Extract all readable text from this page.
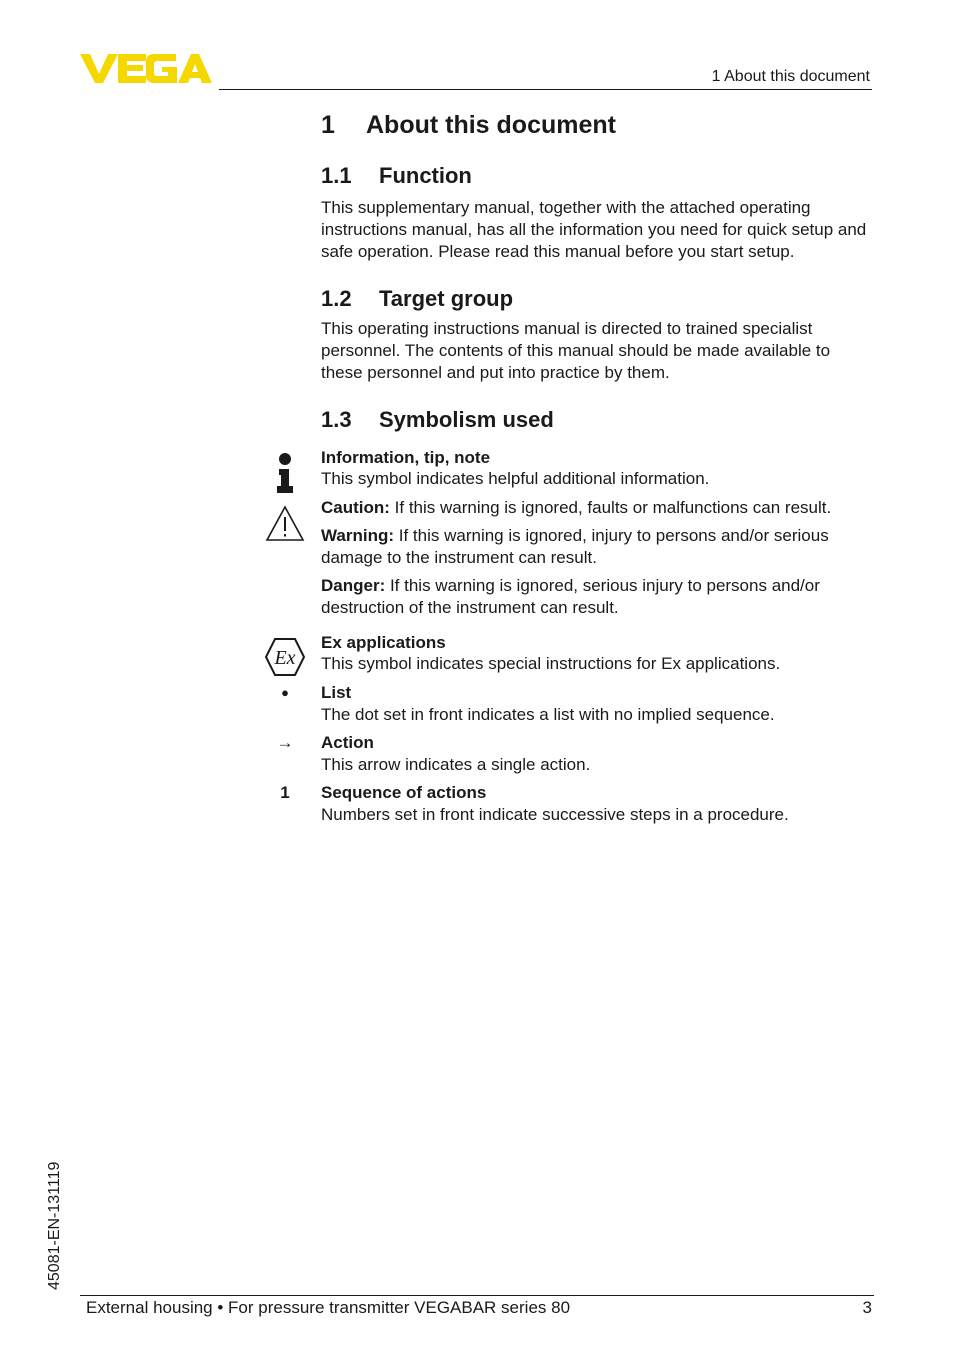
1 About this document
1 About this document
1.1 Function

This supplementary manual, together with the attached operating instructions manual, has all the information you need for quick setup and safe operation. Please read this manual before you start setup.

1.2 Target group

This operating instructions manual is directed to trained specialist personnel. The contents of this manual should be made available to these personnel and put into practice by them.

1.3 Symbolism used

Information, tip, note

This symbol indicates helpful additional information.

Caution: If this warning is ignored, faults or malfunctions can result.

Warning: If this warning is ignored, injury to persons and/or serious damage to the instrument can result.

Danger: If this warning is ignored, serious injury to persons and/or destruction of the instrument can result.

Ex

Ex applications

This symbol indicates special instructions for Ex applications.

●	List

The dot set in front indicates a list with no implied sequence.

→	Action

This arrow indicates a single action.

1	Sequence of actions

Numbers set in front indicate successive steps in a procedure.

45081-EN-131119
External housing • For pressure transmitter VEGABAR series 80	3
